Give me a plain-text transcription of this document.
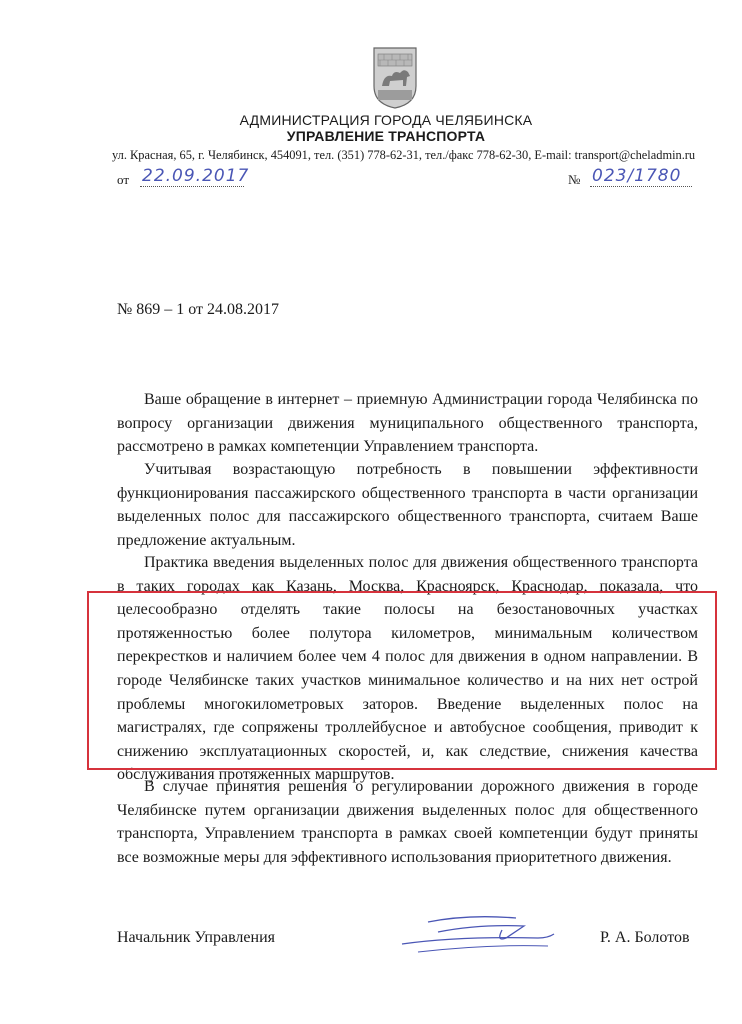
АДМИНИСТРАЦИЯ ГОРОДА ЧЕЛЯБИНСКА
УПРАВЛЕНИЕ ТРАНСПОРТА
ул. Красная, 65, г. Челябинск, 454091, тел. (351) 778-62-31, тел./факс 778-62-30, E-mail: transport@cheladmin.ru
от 22.09.2017	№ 023/1780
№ 869 – 1 от 24.08.2017

Ваше обращение в интернет – приемную Администрации города Челябинска по вопросу организации движения муниципального общественного транспорта, рассмотрено в рамках компетенции Управлением транспорта.

Учитывая возрастающую потребность в повышении эффективности функционирования пассажирского общественного транспорта в части организации выделенных полос для пассажирского общественного транспорта, считаем Ваше предложение актуальным.

Практика введения выделенных полос для движения общественного транспорта в таких городах как Казань, Москва, Красноярск, Краснодар, показала, что целесообразно отделять такие полосы на безостановочных участках протяженностью более полутора километров, минимальным количеством перекрестков и наличием более чем 4 полос для движения в одном направлении. В городе Челябинске таких участков минимальное количество и на них нет острой проблемы многокилометровых заторов. Введение выделенных полос на магистралях, где сопряжены троллейбусное и автобусное сообщения, приводит к снижению эксплуатационных скоростей, и, как следствие, снижения качества обслуживания протяженных маршрутов.

В случае принятия решения о регулировании дорожного движения в городе Челябинске путем организации движения выделенных полос для общественного транспорта, Управлением транспорта в рамках своей компетенции будут приняты все возможные меры для эффективного использования приоритетного движения.

Начальник Управления	Р. А. Болотов
